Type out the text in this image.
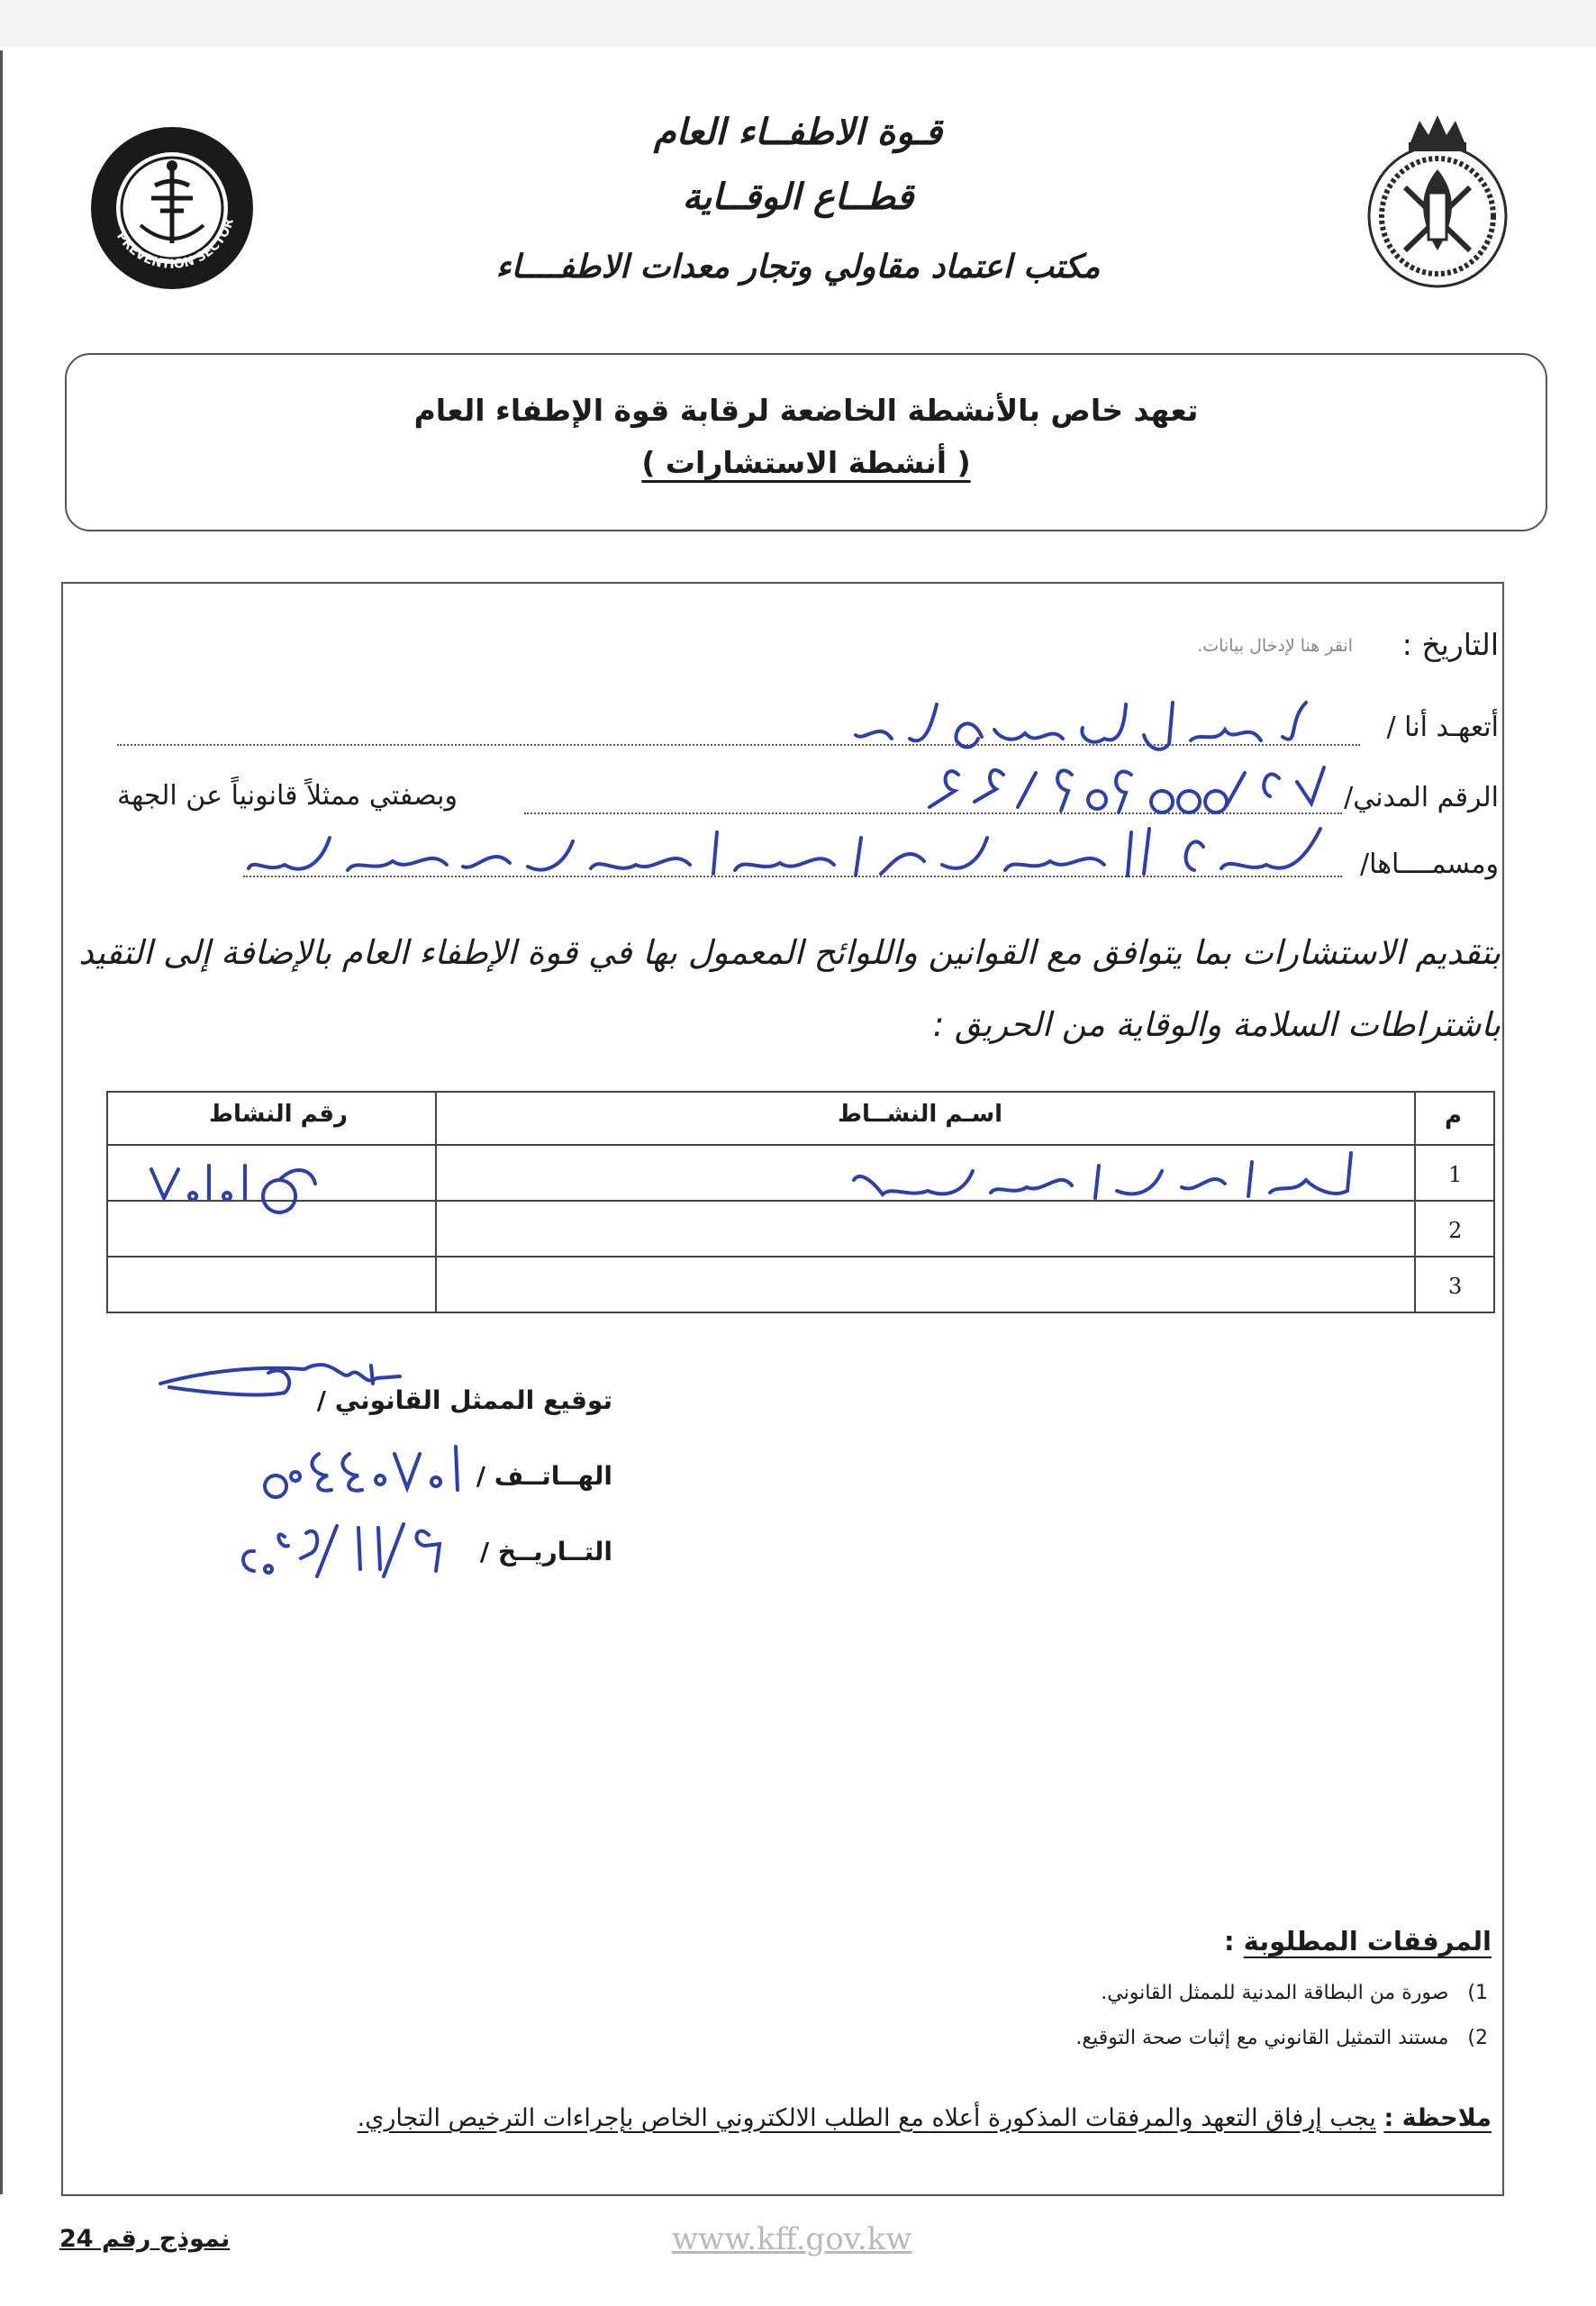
PREVENTION SECTOR
قـوة الاطفــاء العام
قطــاع الوقــاية
مكتب اعتماد مقاولي وتجار معدات الاطفــــاء
تعهد خاص بالأنشطة الخاضعة لرقابة قوة الإطفاء العام
( أنشطة الاستشارات )
التاريخ :
انقر هنا لإدخال بيانات.
أتعهـد أنا /
الرقم المدني/
وبصفتي ممثلاً قانونياً عن الجهة
ومسمــــاها/
بتقديم الاستشارات بما يتوافق مع القوانين واللوائح المعمول بها في قوة الإطفاء العام بالإضافة إلى التقيد
باشتراطات السلامة والوقاية من الحريق :
م
اسـم النشــاط
رقم النشاط
1
2
3
توقيع الممثل القانوني /
الهــاتــف /
التــاريــخ /
المرفقات المطلوبة :
1)   صورة من البطاقة المدنية للممثل القانوني.
2)   مستند التمثيل القانوني مع إثبات صحة التوقيع.
ملاحظة : يجب إرفاق التعهد والمرفقات المذكورة أعلاه مع الطلب الالكتروني الخاص بإجراءات الترخيص التجاري.
نموذج رقم 24	www.kff.gov.kw
